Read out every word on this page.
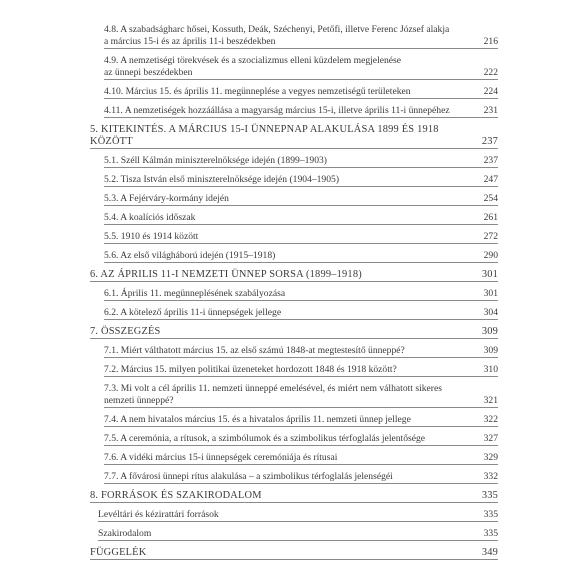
4.8. A szabadságharc hősei, Kossuth, Deák, Széchenyi, Petőfi, illetve Ferenc József alakja
a március 15-i és az április 11-i beszédekben	216
4.9. A nemzetiségi törekvések és a szocializmus elleni küzdelem megjelenése
az ünnepi beszédekben	222
4.10. Március 15. és április 11. megünneplése a vegyes nemzetiségű területeken	224
4.11. A nemzetiségek hozzáállása a magyarság március 15-i, illetve április 11-i ünnepéhez	231
5. KITEKINTÉS. A MÁRCIUS 15-I ÜNNEPNAP ALAKULÁSA 1899 ÉS 1918 KÖZÖTT	237
5.1. Széll Kálmán miniszterelnöksége idején (1899–1903)	237
5.2. Tisza István első miniszterelnöksége idején (1904–1905)	247
5.3. A Fejérváry-kormány idején	254
5.4. A koalíciós időszak	261
5.5. 1910 és 1914 között	272
5.6. Az első világháború idején (1915–1918)	290
6. AZ ÁPRILIS 11-I NEMZETI ÜNNEP SORSA (1899–1918)	301
6.1. Április 11. megünneplésének szabályozása	301
6.2. A kötelező április 11-i ünnepségek jellege	304
7. ÖSSZEGZÉS	309
7.1. Miért válthatott március 15. az első számú 1848-at megtestesítő ünneppé?	309
7.2. Március 15. milyen politikai üzeneteket hordozott 1848 és 1918 között?	310
7.3. Mi volt a cél április 11. nemzeti ünneppé emelésével, és miért nem válhatott sikeres
nemzeti ünneppé?	321
7.4. A nem hivatalos március 15. és a hivatalos április 11. nemzeti ünnep jellege	322
7.5. A ceremónia, a rítusok, a szimbólumok és a szimbolikus térfoglalás jelentősége	327
7.6. A vidéki március 15-i ünnepségek ceremóniája és rítusai	329
7.7. A fővárosi ünnepi rítus alakulása – a szimbolikus térfoglalás jelenségéi	332
8. FORRÁSOK ÉS SZAKIRODALOM	335
Levéltári és kézirattári források	335
Szakirodalom	335
FÜGGELÉK	349
